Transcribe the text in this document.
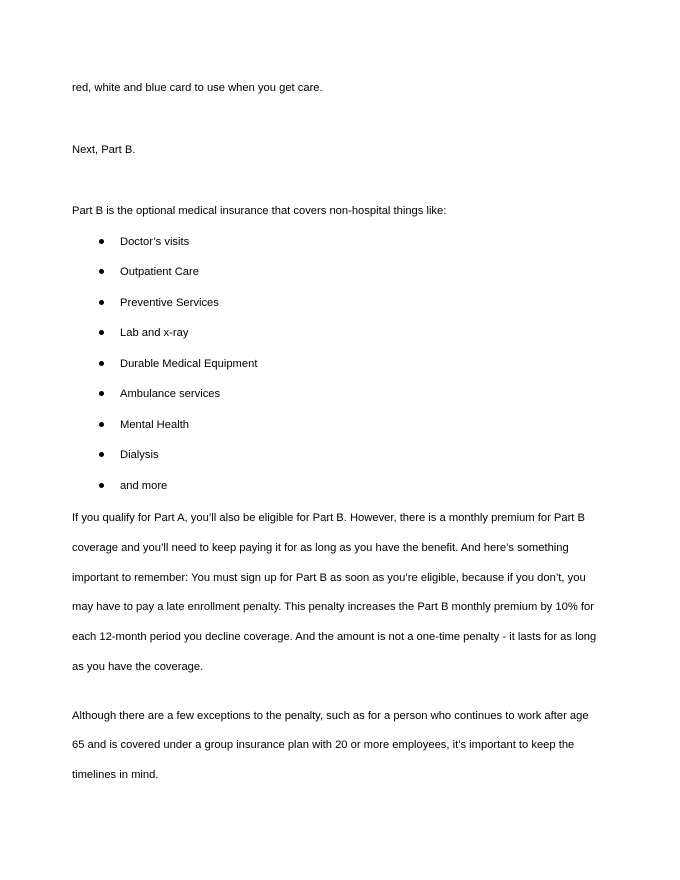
red, white and blue card to use when you get care.
Next, Part B.
Part B is the optional medical insurance that covers non-hospital things like:
Doctor’s visits
Outpatient Care
Preventive Services
Lab and x-ray
Durable Medical Equipment
Ambulance services
Mental Health
Dialysis
and more
If you qualify for Part A, you’ll also be eligible for Part B. However, there is a monthly premium for Part B
coverage and you’ll need to keep paying it for as long as you have the benefit. And here’s something
important to remember: You must sign up for Part B as soon as you’re eligible, because if you don’t, you
may have to pay a late enrollment penalty. This penalty increases the Part B monthly premium by 10% for
each 12-month period you decline coverage. And the amount is not a one-time penalty - it lasts for as long
as you have the coverage.
Although there are a few exceptions to the penalty, such as for a person who continues to work after age
65 and is covered under a group insurance plan with 20 or more employees, it’s important to keep the
timelines in mind.
